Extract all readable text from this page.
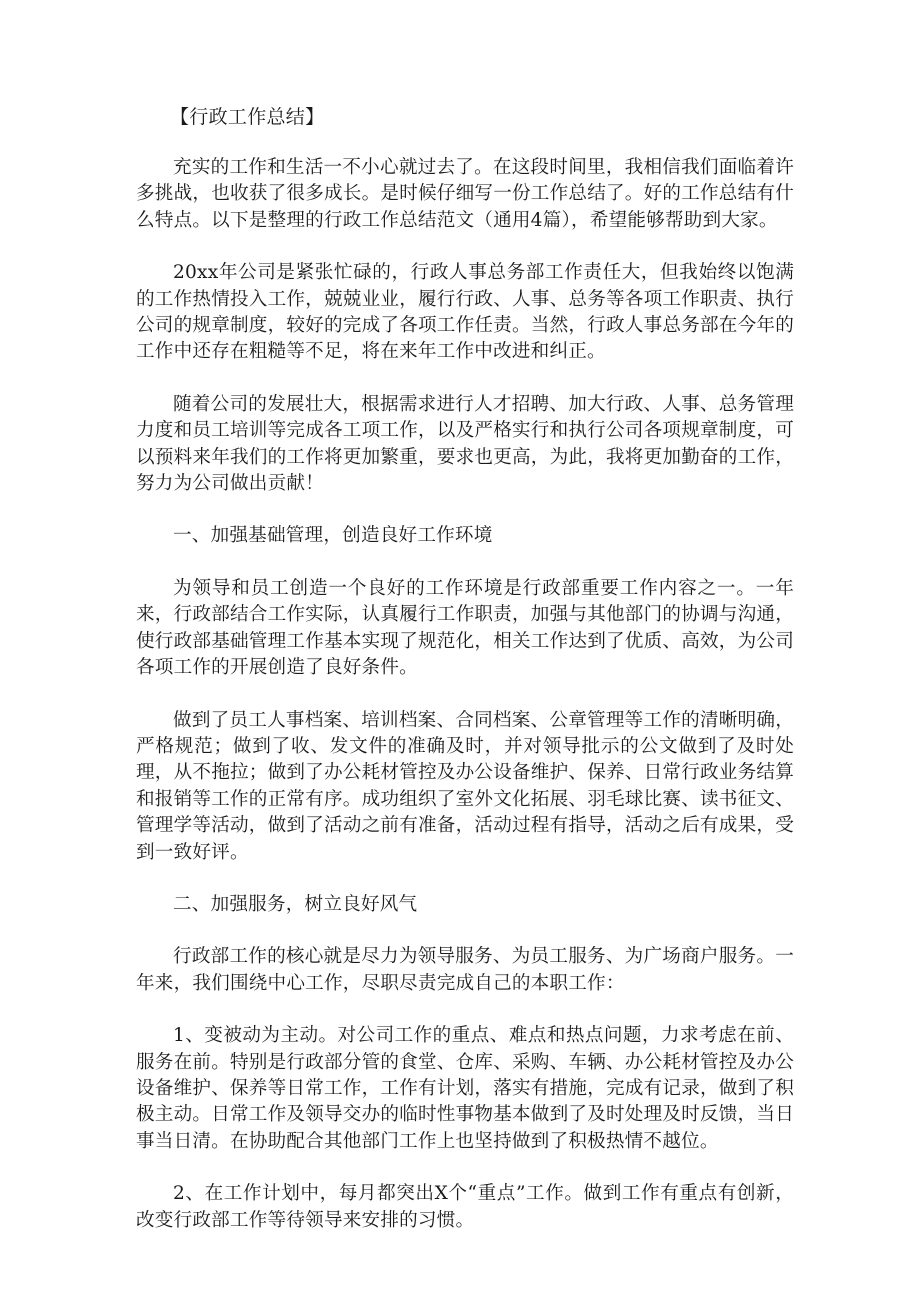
【行政工作总结】

充实的工作和生活一不小心就过去了。在这段时间里，我相信我们面临着许多挑战，也收获了很多成长。是时候仔细写一份工作总结了。好的工作总结有什么特点。以下是整理的行政工作总结范文（通用4篇），希望能够帮助到大家。

20xx年公司是紧张忙碌的，行政人事总务部工作责任大，但我始终以饱满的工作热情投入工作，兢兢业业，履行行政、人事、总务等各项工作职责、执行公司的规章制度，较好的完成了各项工作任责。当然，行政人事总务部在今年的工作中还存在粗糙等不足，将在来年工作中改进和纠正。

随着公司的发展壮大，根据需求进行人才招聘、加大行政、人事、总务管理力度和员工培训等完成各工项工作，以及严格实行和执行公司各项规章制度，可以预料来年我们的工作将更加繁重，要求也更高，为此，我将更加勤奋的工作，努力为公司做出贡献！

一、加强基础管理，创造良好工作环境

为领导和员工创造一个良好的工作环境是行政部重要工作内容之一。一年来，行政部结合工作实际，认真履行工作职责，加强与其他部门的协调与沟通，使行政部基础管理工作基本实现了规范化，相关工作达到了优质、高效，为公司各项工作的开展创造了良好条件。

做到了员工人事档案、培训档案、合同档案、公章管理等工作的清晰明确，严格规范；做到了收、发文件的准确及时，并对领导批示的公文做到了及时处理，从不拖拉；做到了办公耗材管控及办公设备维护、保养、日常行政业务结算和报销等工作的正常有序。成功组织了室外文化拓展、羽毛球比赛、读书征文、管理学等活动，做到了活动之前有准备，活动过程有指导，活动之后有成果，受到一致好评。

二、加强服务，树立良好风气

行政部工作的核心就是尽力为领导服务、为员工服务、为广场商户服务。一年来，我们围绕中心工作，尽职尽责完成自己的本职工作：

1、变被动为主动。对公司工作的重点、难点和热点问题，力求考虑在前、服务在前。特别是行政部分管的食堂、仓库、采购、车辆、办公耗材管控及办公设备维护、保养等日常工作，工作有计划，落实有措施，完成有记录，做到了积极主动。日常工作及领导交办的临时性事物基本做到了及时处理及时反馈，当日事当日清。在协助配合其他部门工作上也坚持做到了积极热情不越位。

2、在工作计划中，每月都突出X个“重点”工作。做到工作有重点有创新，改变行政部工作等待领导来安排的习惯。
